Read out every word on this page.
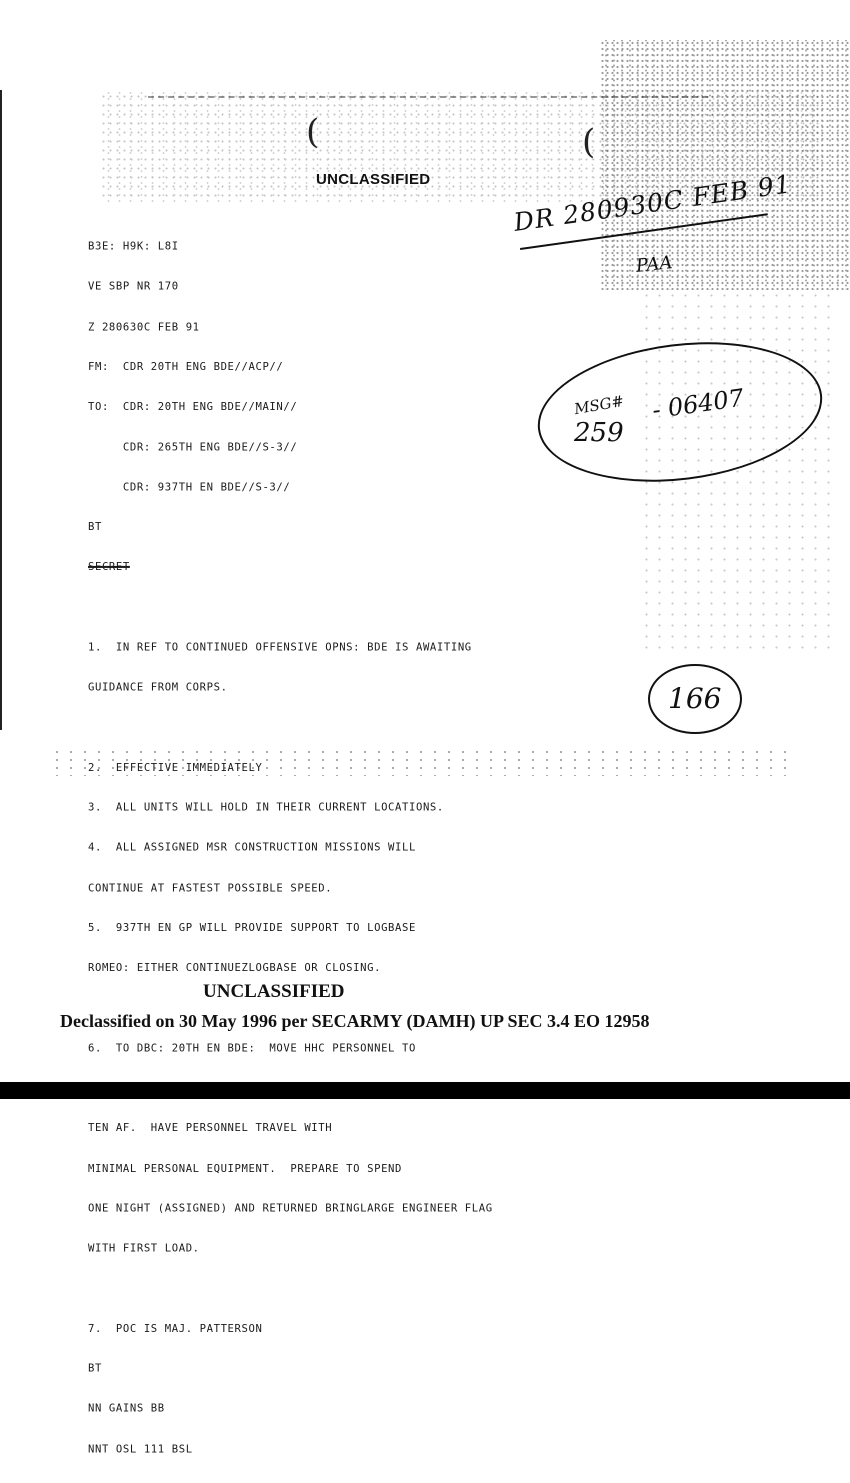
(	(
UNCLASSIFIED

B3E: H9K: L8I

VE SBP NR 170

Z 280630C FEB 91

FM:  CDR 20TH ENG BDE//ACP//

TO:  CDR: 20TH ENG BDE//MAIN//

CDR: 265TH ENG BDE//S-3//

CDR: 937TH EN BDE//S-3//

BT

SECRET

1.  IN REF TO CONTINUED OFFENSIVE OPNS: BDE IS AWAITING

GUIDANCE FROM CORPS.

2.  EFFECTIVE IMMEDIATELY

3.  ALL UNITS WILL HOLD IN THEIR CURRENT LOCATIONS.

4.  ALL ASSIGNED MSR CONSTRUCTION MISSIONS WILL

CONTINUE AT FASTEST POSSIBLE SPEED.

5.  937TH EN GP WILL PROVIDE SUPPORT TO LOGBASE

ROMEO: EITHER CONTINUEZLOGBASE OR CLOSING.

6.  TO DBC: 20TH EN BDE:  MOVE HHC PERSONNEL TO

TEN AF.  HAVE PERSONNEL TRAVEL WITH

MINIMAL PERSONAL EQUIPMENT.  PREPARE TO SPEND

ONE NIGHT (ASSIGNED) AND RETURNED BRINGLARGE ENGINEER FLAG

WITH FIRST LOAD.

7.  POC IS MAJ. PATTERSON

BT

NN GAINS BB

NNT OSL 111 BSL

DR 280930C FEB 91
PAA
MSG#
259
- 06407
166
UNCLASSIFIED
Declassified on 30 May 1996 per SECARMY (DAMH) UP SEC 3.4 EO 12958
